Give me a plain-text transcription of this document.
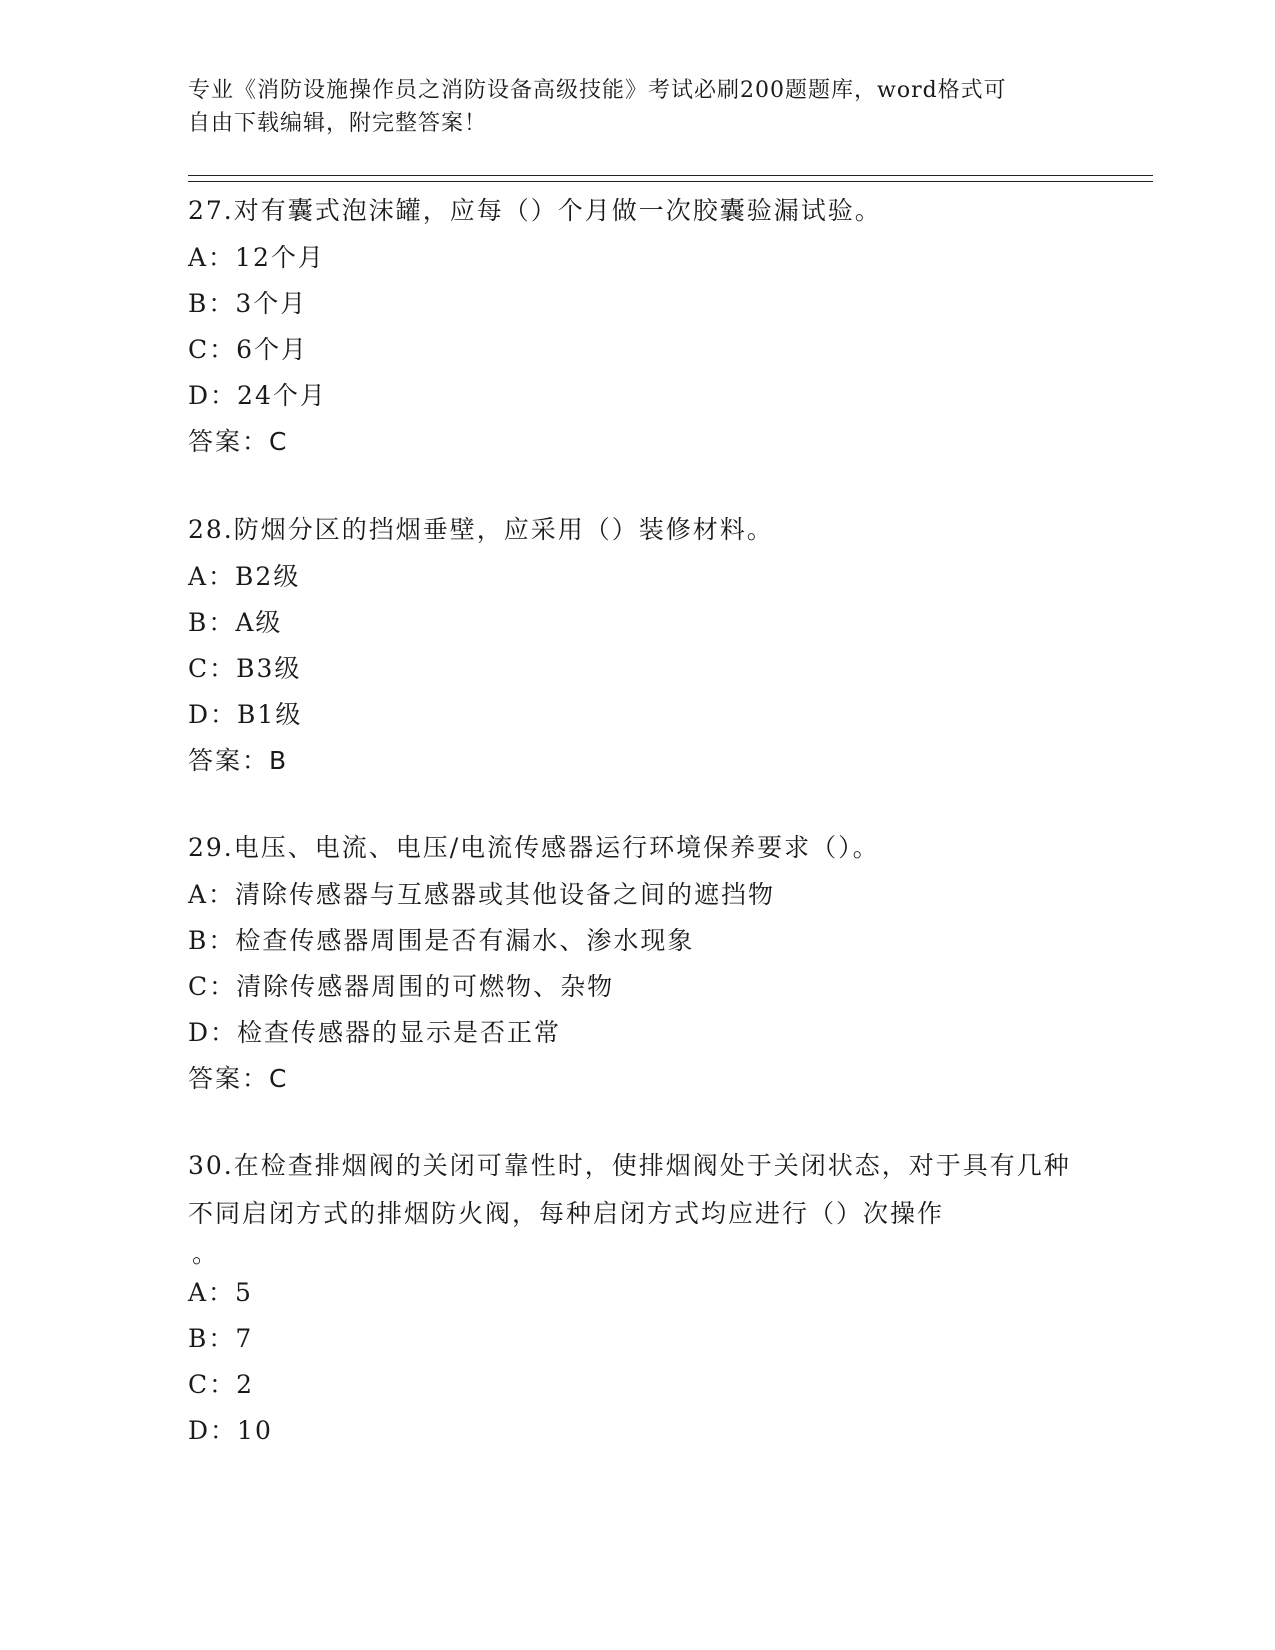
专业《消防设施操作员之消防设备高级技能》考试必刷200题题库，word格式可
自由下载编辑，附完整答案！

27.对有囊式泡沫罐，应每（）个月做一次胶囊验漏试验。

A：12个月

B：3个月

C：6个月

D：24个月

答案：C

28.防烟分区的挡烟垂壁，应采用（）装修材料。

A：B2级

B：A级

C：B3级

D：B1级

答案：B

29.电压、电流、电压/电流传感器运行环境保养要求（）。

A：清除传感器与互感器或其他设备之间的遮挡物

B：检查传感器周围是否有漏水、渗水现象

C：清除传感器周围的可燃物、杂物

D：检查传感器的显示是否正常

答案：C

30.在检查排烟阀的关闭可靠性时，使排烟阀处于关闭状态，对于具有几种不同启闭方式的排烟防火阀，每种启闭方式均应进行（）次操作

。

A：5

B：7

C：2

D：10
